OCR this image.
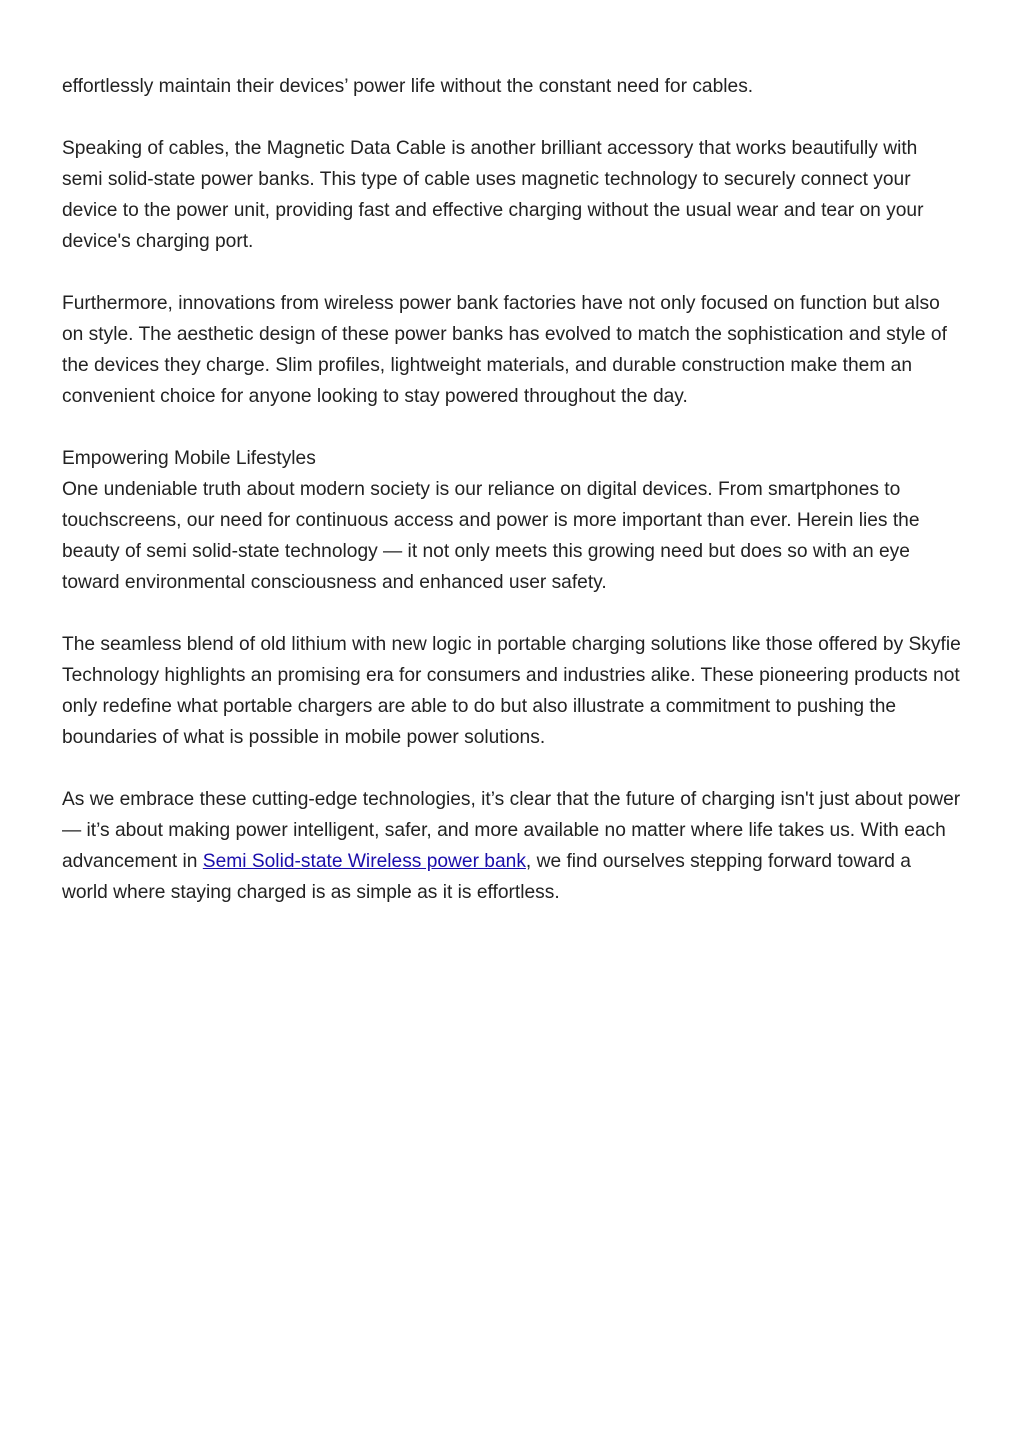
effortlessly maintain their devices’ power life without the constant need for cables.

Speaking of cables, the Magnetic Data Cable is another brilliant accessory that works beautifully with semi solid-state power banks. This type of cable uses magnetic technology to securely connect your device to the power unit, providing fast and effective charging without the usual wear and tear on your device's charging port.

Furthermore, innovations from wireless power bank factories have not only focused on function but also on style. The aesthetic design of these power banks has evolved to match the sophistication and style of the devices they charge. Slim profiles, lightweight materials, and durable construction make them an convenient choice for anyone looking to stay powered throughout the day.

Empowering Mobile Lifestyles
One undeniable truth about modern society is our reliance on digital devices. From smartphones to touchscreens, our need for continuous access and power is more important than ever. Herein lies the beauty of semi solid-state technology — it not only meets this growing need but does so with an eye toward environmental consciousness and enhanced user safety.

The seamless blend of old lithium with new logic in portable charging solutions like those offered by Skyfie Technology highlights an promising era for consumers and industries alike. These pioneering products not only redefine what portable chargers are able to do but also illustrate a commitment to pushing the boundaries of what is possible in mobile power solutions.

As we embrace these cutting-edge technologies, it’s clear that the future of charging isn't just about power — it’s about making power intelligent, safer, and more available no matter where life takes us. With each advancement in Semi Solid-state Wireless power bank, we find ourselves stepping forward toward a world where staying charged is as simple as it is effortless.
